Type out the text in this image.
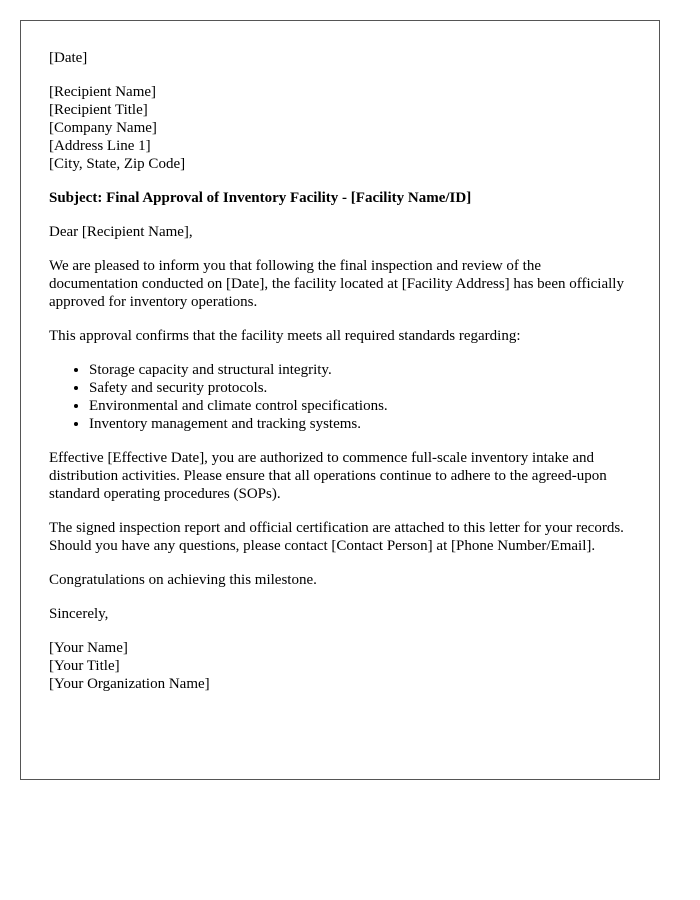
[Date]
[Recipient Name]
[Recipient Title]
[Company Name]
[Address Line 1]
[City, State, Zip Code]
Subject: Final Approval of Inventory Facility - [Facility Name/ID]

Dear [Recipient Name],

We are pleased to inform you that following the final inspection and review of the documentation conducted on [Date], the facility located at [Facility Address] has been officially approved for inventory operations.

This approval confirms that the facility meets all required standards regarding:

• Storage capacity and structural integrity.
• Safety and security protocols.
• Environmental and climate control specifications.
• Inventory management and tracking systems.

Effective [Effective Date], you are authorized to commence full-scale inventory intake and distribution activities. Please ensure that all operations continue to adhere to the agreed-upon standard operating procedures (SOPs).

The signed inspection report and official certification are attached to this letter for your records. Should you have any questions, please contact [Contact Person] at [Phone Number/Email].

Congratulations on achieving this milestone.

Sincerely,

[Your Name]
[Your Title]
[Your Organization Name]
